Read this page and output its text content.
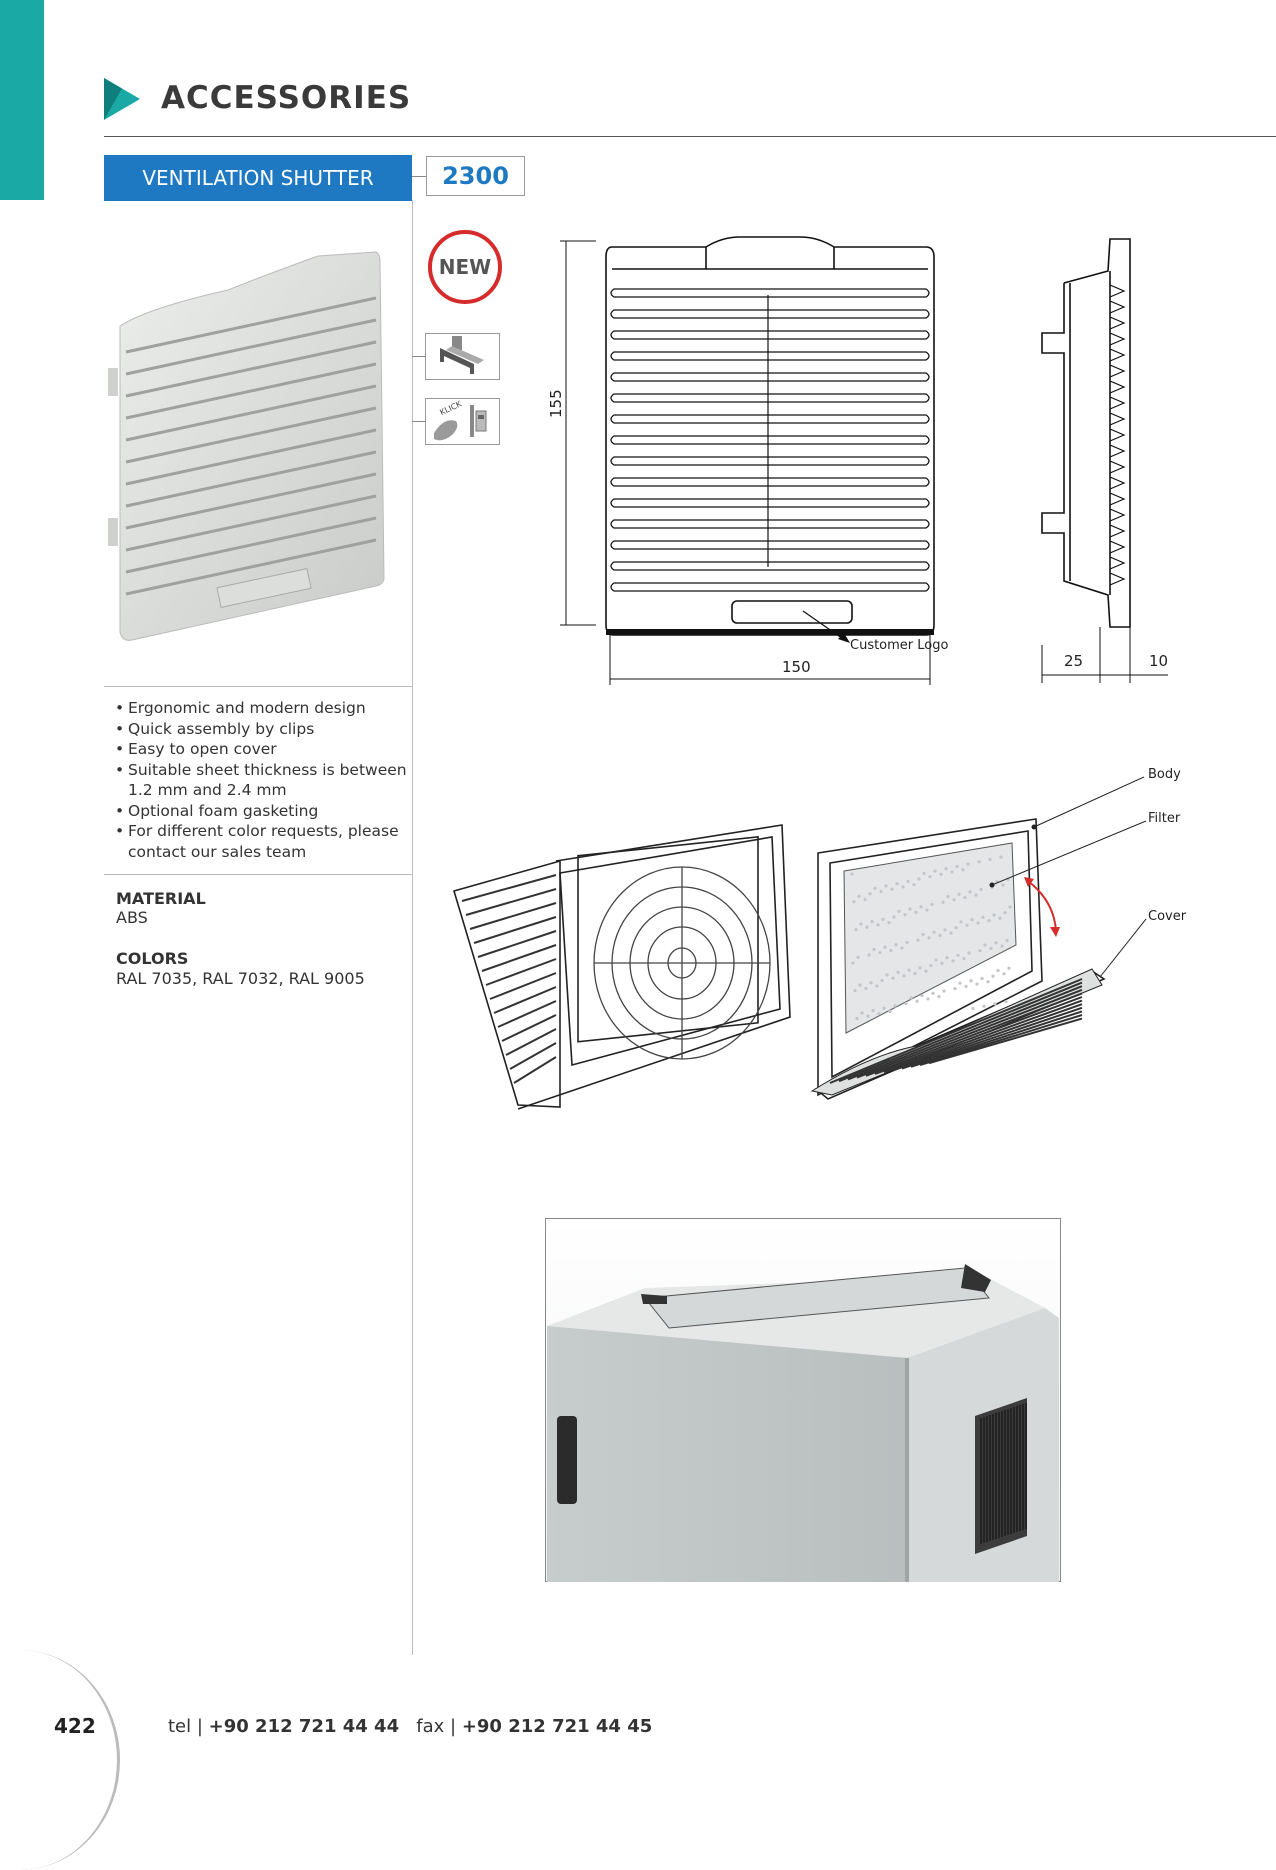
ACCESSORIES
VENTILATION SHUTTER	2300
• Ergonomic and modern design
• Quick assembly by clips
• Easy to open cover
• Suitable sheet thickness is between 1.2 mm and 2.4 mm
• Optional foam gasketing
• For different color requests, please contact our sales team
MATERIAL
ABS
COLORS
RAL 7035, RAL 7032, RAL 9005
NEW
KLICK	155
150
Customer Logo
25	10
Body
Filter
Cover
422	tel | +90 212 721 44 44 fax | +90 212 721 44 45
